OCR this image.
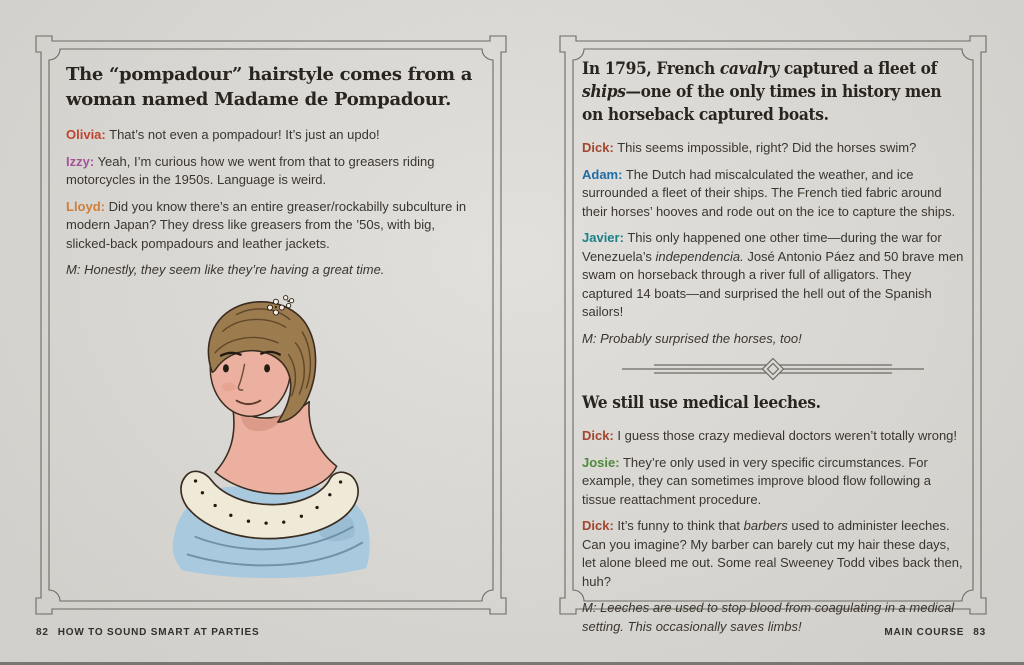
The “pompadour” hairstyle comes from a
woman named Madame de Pompadour.

Olivia: That’s not even a pompadour! It’s just an updo!

Izzy: Yeah, I’m curious how we went from that to greasers riding motorcycles in the 1950s. Language is weird.

Lloyd: Did you know there’s an entire greaser/rockabilly subculture in modern Japan? They dress like greasers from the ’50s, with big, slicked-back pompadours and leather jackets.

M: Honestly, they seem like they’re having a great time.

In 1795, French cavalry captured a fleet of
ships—one of the only times in history men
on horseback captured boats.

Dick: This seems impossible, right? Did the horses swim?

Adam: The Dutch had miscalculated the weather, and ice surrounded a fleet of their ships. The French tied fabric around their horses’ hooves and rode out on the ice to capture the ships.

Javier: This only happened one other time—during the war for Venezuela’s independencia. José Antonio Páez and 50 brave men swam on horseback through a river full of alligators. They captured 14 boats—and surprised the hell out of the Spanish sailors!

M: Probably surprised the horses, too!

We still use medical leeches.

Dick: I guess those crazy medieval doctors weren’t totally wrong!

Josie: They’re only used in very specific circumstances. For example, they can sometimes improve blood flow following a tissue reattachment procedure.

Dick: It’s funny to think that barbers used to administer leeches. Can you imagine? My barber can barely cut my hair these days, let alone bleed me out. Some real Sweeney Todd vibes back then, huh?

M: Leeches are used to stop blood from coagulating in a medical setting. This occasionally saves limbs!

82 HOW TO SOUND SMART AT PARTIES	MAIN COURSE 83
